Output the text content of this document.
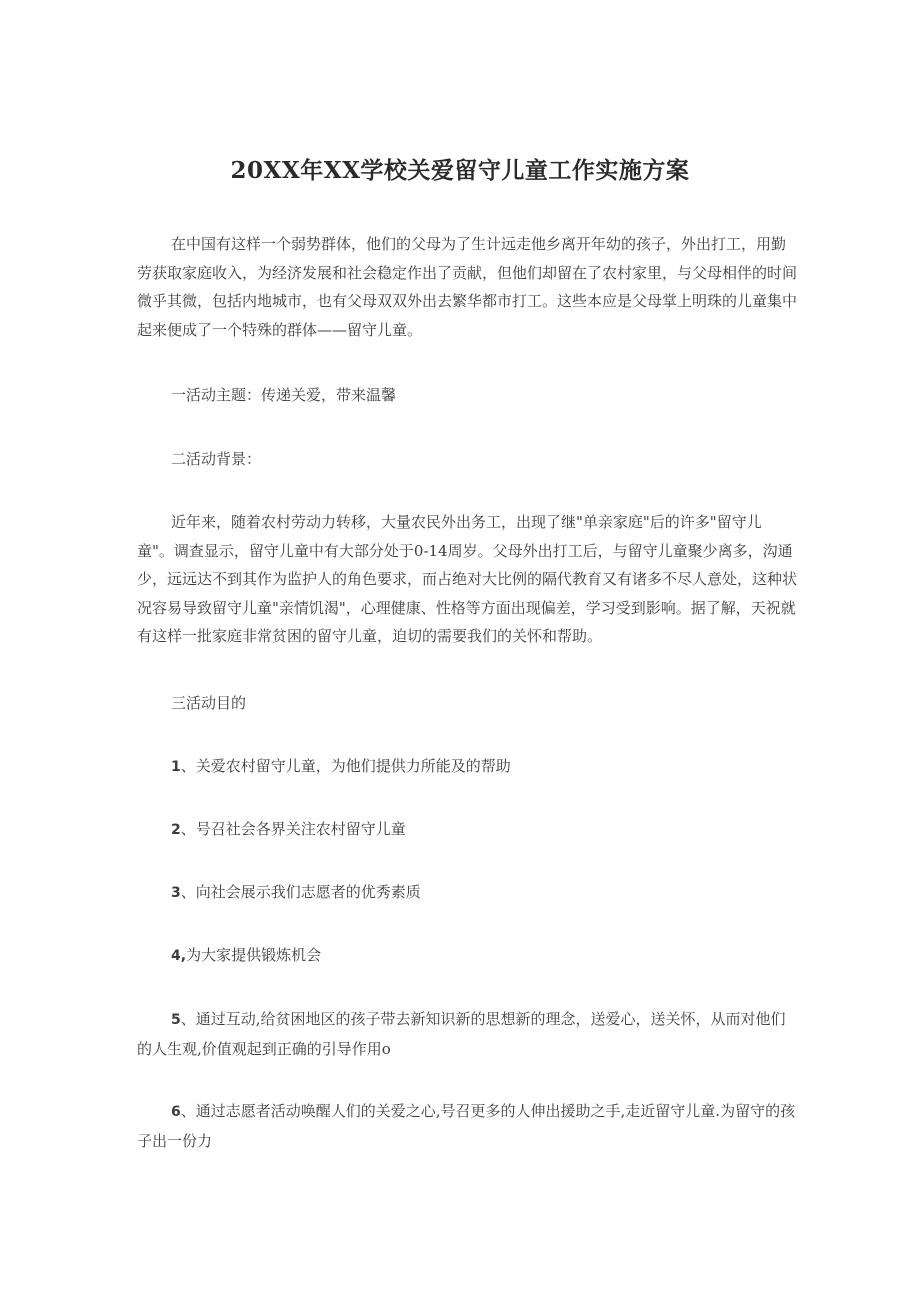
20XX年XX学校关爱留守儿童工作实施方案

在中国有这样一个弱势群体，他们的父母为了生计远走他乡离开年幼的孩子，外出打工，用勤劳获取家庭收入，为经济发展和社会稳定作出了贡献，但他们却留在了农村家里，与父母相伴的时间微乎其微，包括内地城市，也有父母双双外出去繁华都市打工。这些本应是父母掌上明珠的儿童集中起来便成了一个特殊的群体——留守儿童。

一活动主题：传递关爱，带来温馨

二活动背景：

近年来，随着农村劳动力转移，大量农民外出务工，出现了继"单亲家庭"后的许多"留守儿童"。调查显示，留守儿童中有大部分处于0-14周岁。父母外出打工后，与留守儿童聚少离多，沟通少，远远达不到其作为监护人的角色要求，而占绝对大比例的隔代教育又有诸多不尽人意处，这种状况容易导致留守儿童"亲情饥渴"，心理健康、性格等方面出现偏差，学习受到影响。据了解，天祝就有这样一批家庭非常贫困的留守儿童，迫切的需要我们的关怀和帮助。

三活动目的

1、关爱农村留守儿童，为他们提供力所能及的帮助

2、号召社会各界关注农村留守儿童

3、向社会展示我们志愿者的优秀素质

4,为大家提供锻炼机会

5、通过互动,给贫困地区的孩子带去新知识新的思想新的理念，送爱心，送关怀，从而对他们的人生观,价值观起到正确的引导作用o

6、通过志愿者活动唤醒人们的关爱之心,号召更多的人伸出援助之手,走近留守儿童.为留守的孩子出一份力
